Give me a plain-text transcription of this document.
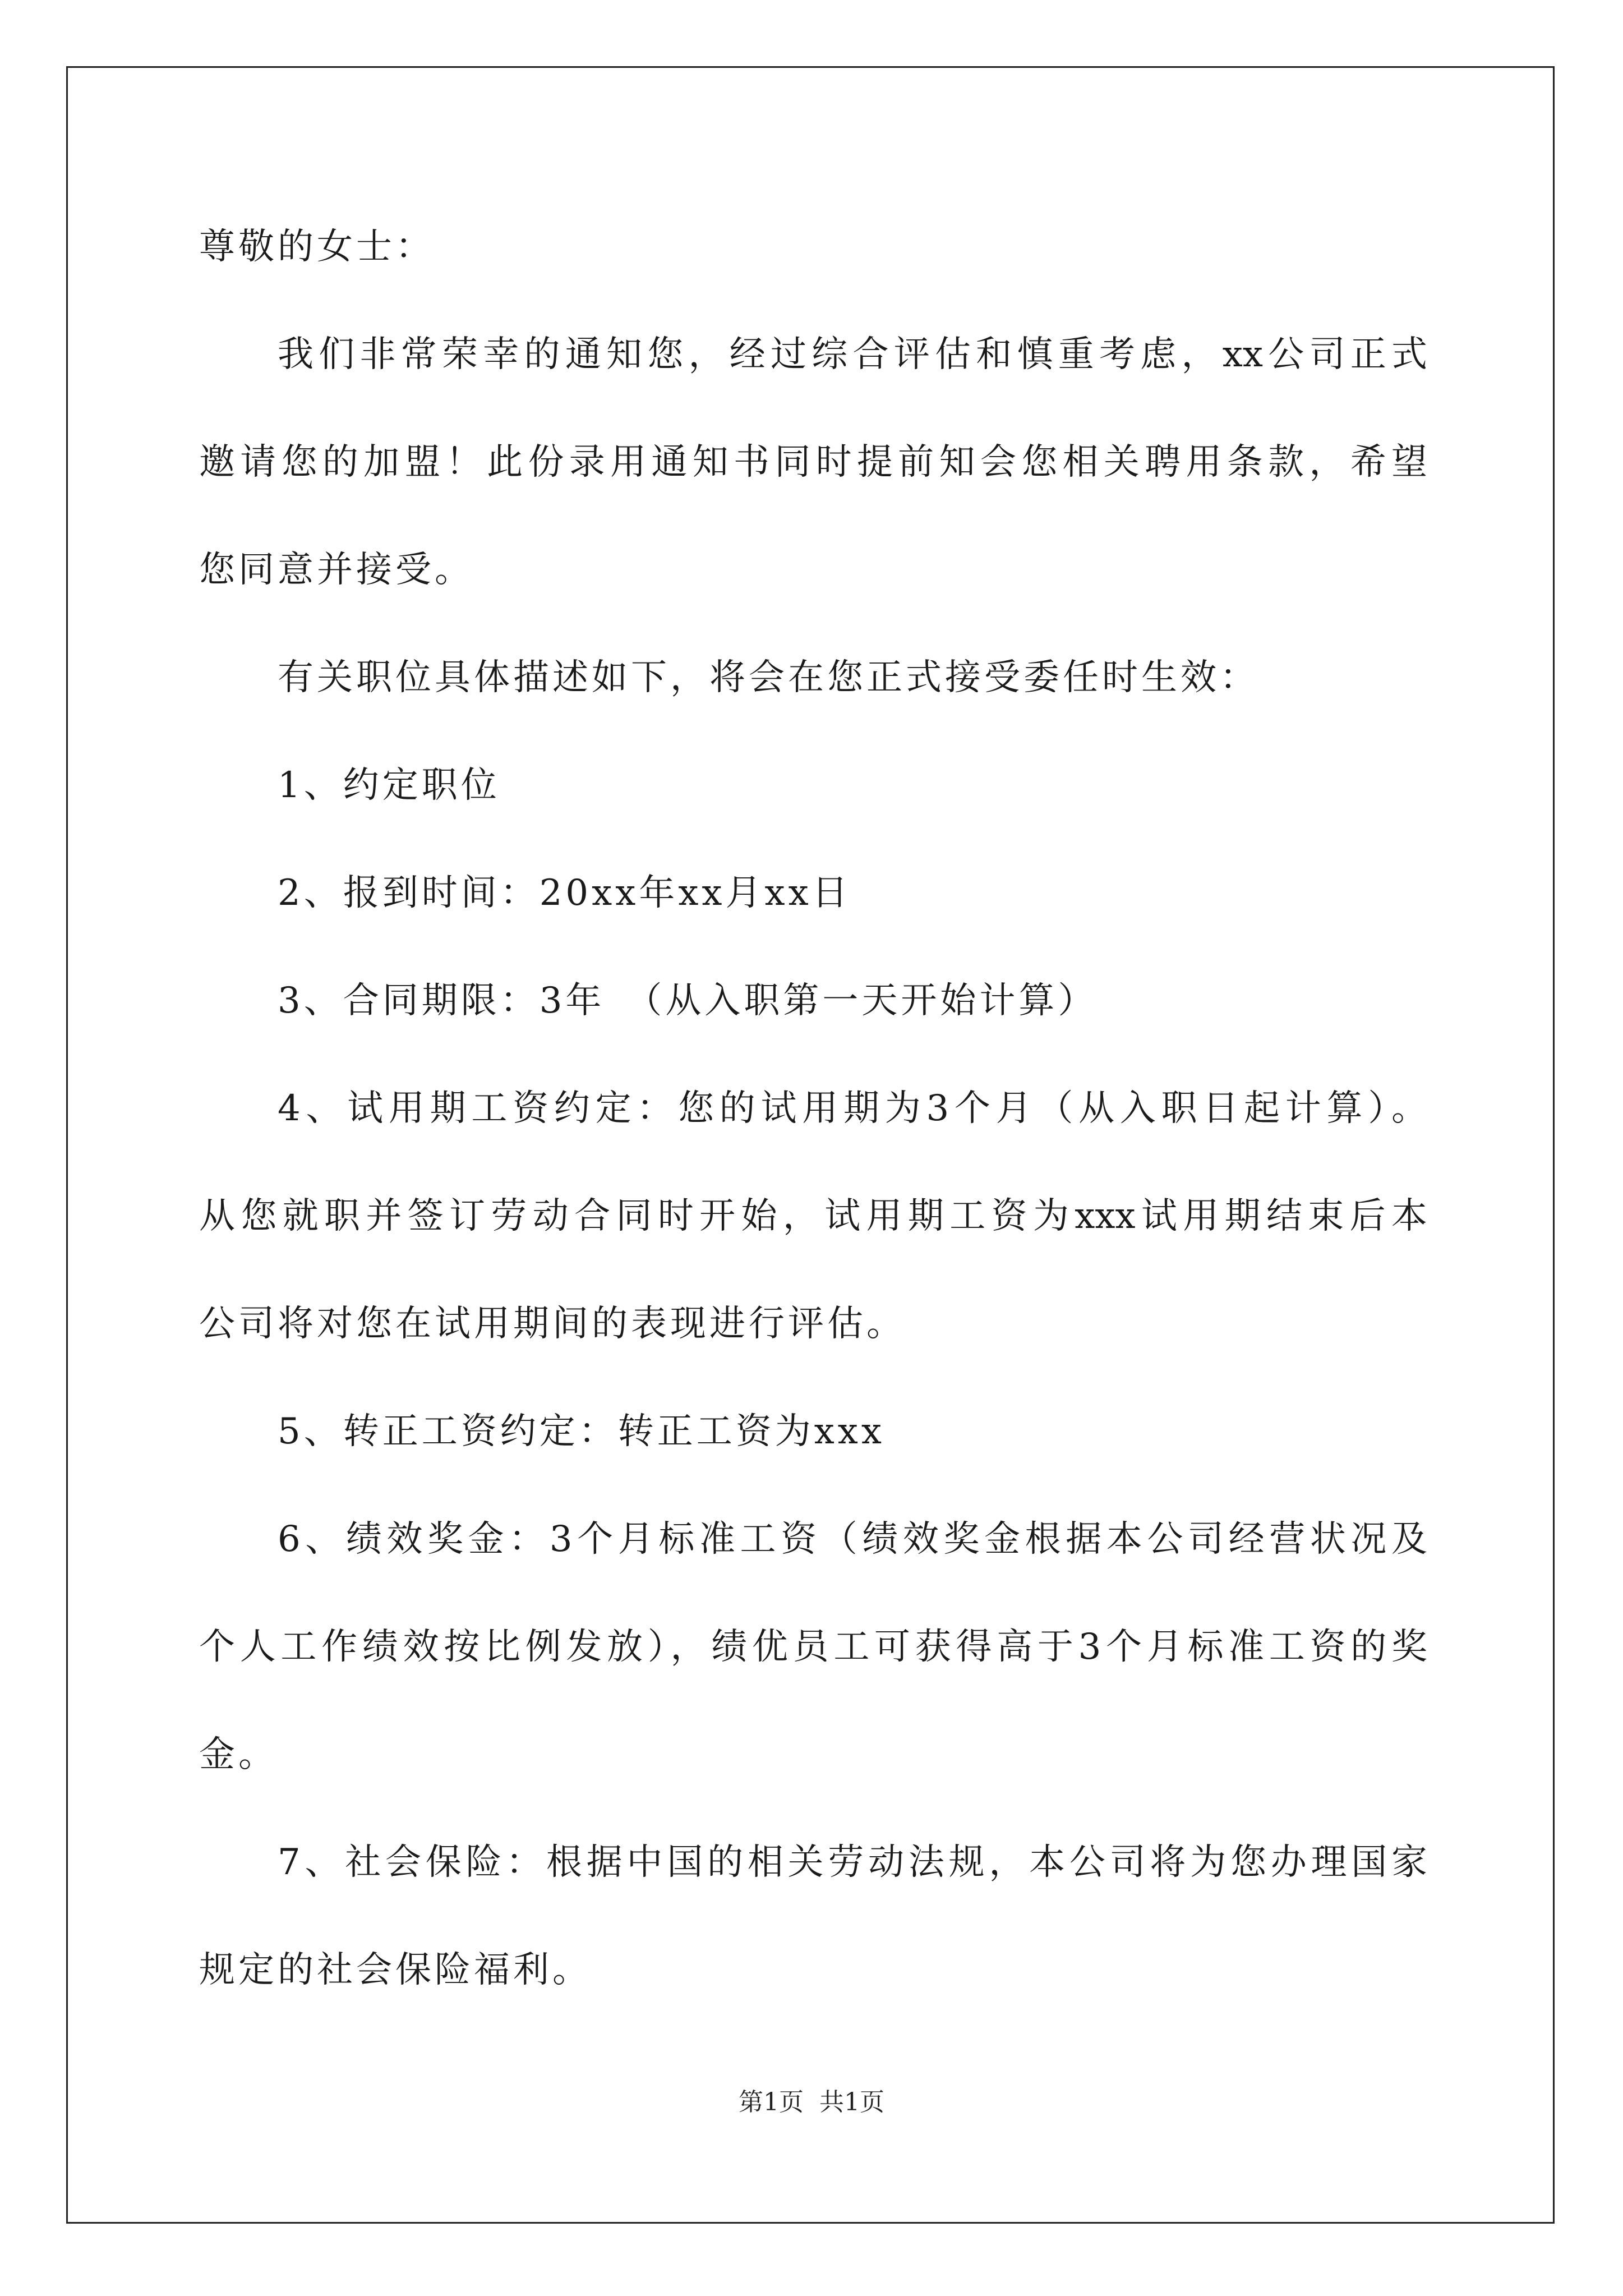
尊敬的女士：
我们非常荣幸的通知您，经过综合评估和慎重考虑，xx公司正式
邀请您的加盟！此份录用通知书同时提前知会您相关聘用条款，希望
您同意并接受。
有关职位具体描述如下，将会在您正式接受委任时生效：
1、约定职位
2、报到时间：20xx年xx月xx日
3、合同期限：3年　（从入职第一天开始计算）
4、试用期工资约定：您的试用期为3个月（从入职日起计算）。
从您就职并签订劳动合同时开始，试用期工资为xxx试用期结束后本
公司将对您在试用期间的表现进行评估。
5、转正工资约定：转正工资为xxx
6、绩效奖金：3个月标准工资（绩效奖金根据本公司经营状况及
个人工作绩效按比例发放），绩优员工可获得高于3个月标准工资的奖
金。
7、社会保险：根据中国的相关劳动法规，本公司将为您办理国家
规定的社会保险福利。
第1页 共1页
